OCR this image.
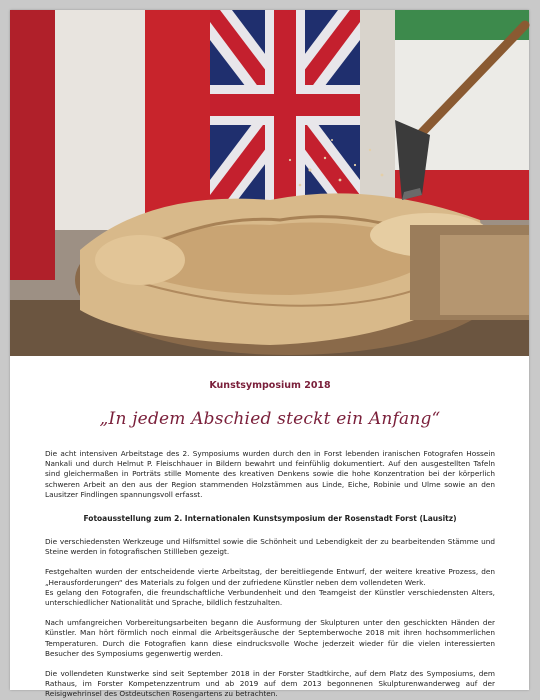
Kunstsymposium 2018

„In jedem Abschied steckt ein Anfang“

Die acht intensiven Arbeitstage des 2. Symposiums wurden durch den in Forst lebenden iranischen Fotografen Hossein Nankali und durch Helmut P. Fleischhauer in Bildern bewahrt und feinfühlig dokumentiert. Auf den ausgestellten Tafeln sind gleichermaßen in Porträts stille Momente des kreativen Denkens sowie die hohe Konzentration bei der körperlich schweren Arbeit an den aus der Region stammenden Holzstämmen aus Linde, Eiche, Robinie und Ulme sowie an den Lausitzer Findlingen spannungsvoll erfasst.

Fotoausstellung zum 2. Internationalen Kunstsymposium der Rosenstadt Forst (Lausitz)

Die verschiedensten Werkzeuge und Hilfsmittel sowie die Schönheit und Lebendigkeit der zu bearbeitenden Stämme und Steine werden in fotografischen Stillleben gezeigt.

Festgehalten wurden der entscheidende vierte Arbeitstag, der bereitliegende Entwurf, der weitere kreative Prozess, den „Herausforderungen“ des Materials zu folgen und der zufriedene Künstler neben dem vollendeten Werk.
Es gelang den Fotografen, die freundschaftliche Verbundenheit und den Teamgeist der Künstler verschiedensten Alters, unterschiedlicher Nationalität und Sprache, bildlich festzuhalten.

Nach umfangreichen Vorbereitungsarbeiten begann die Ausformung der Skulpturen unter den geschickten Händen der Künstler. Man hört förmlich noch einmal die Arbeitsgeräusche der Septemberwoche 2018 mit ihren hochsommerlichen Temperaturen. Durch die Fotografien kann diese eindrucksvolle Woche jederzeit wieder für die vielen interessierten Besucher des Symposiums gegenwertig werden.

Die vollendeten Kunstwerke sind seit September 2018 in der Forster Stadtkirche, auf dem Platz des Symposiums, dem Rathaus, im Forster Kompetenzzentrum und ab 2019 auf dem 2013 begonnenen Skulpturenwanderweg auf der Reisigwehrinsel des Ostdeutschen Rosengartens zu betrachten.
